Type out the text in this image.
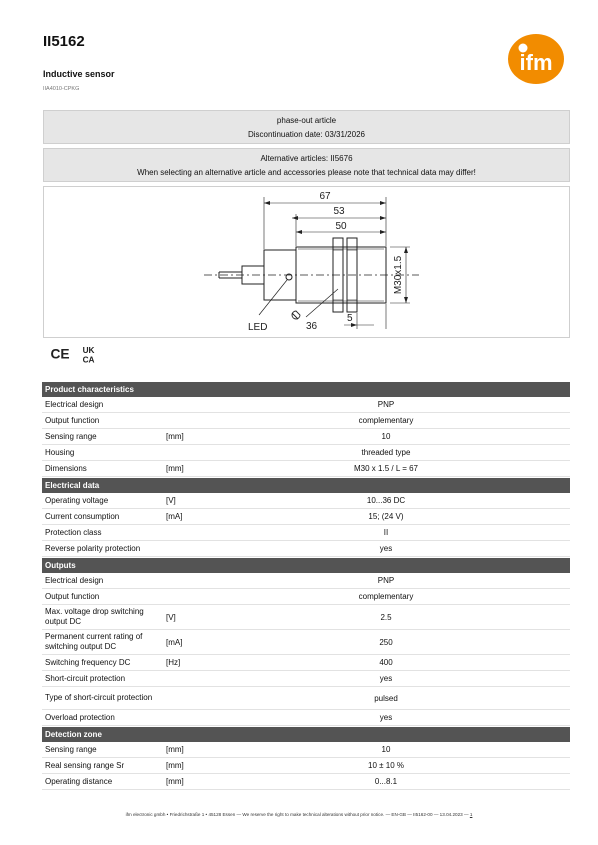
II5162
Inductive sensor
IIA4010-CPKG
ifm
phase-out article
Discontinuation date: 03/31/2026
Alternative articles: II5676
When selecting an alternative article and accessories please note that technical data may differ!
67
53
50
M30x1.5
36
5
LED
CE UK
CA
Product characteristics
Electrical design	PNP
Output function	complementary
Sensing range	[mm]	10
Housing	threaded type
Dimensions	[mm]	M30 x 1.5 / L = 67
Electrical data
Operating voltage	[V]	10...36 DC
Current consumption	[mA]	15; (24 V)
Protection class	II
Reverse polarity protection	yes
Outputs
Electrical design	PNP
Output function	complementary
Max. voltage drop switching output DC	[V]	2.5
Permanent current rating of switching output DC	[mA]	250
Switching frequency DC	[Hz]	400
Short-circuit protection	yes
Type of short-circuit protection	pulsed
Overload protection	yes
Detection zone
Sensing range	[mm]	10
Real sensing range Sr	[mm]	10 ± 10 %
Operating distance	[mm]	0...8.1
ifm electronic gmbh • Friedrichstraße 1 • 45128 Essen — We reserve the right to make technical alterations without prior notice. — EN-GB — II5162-00 — 13.04.2023 — 1
